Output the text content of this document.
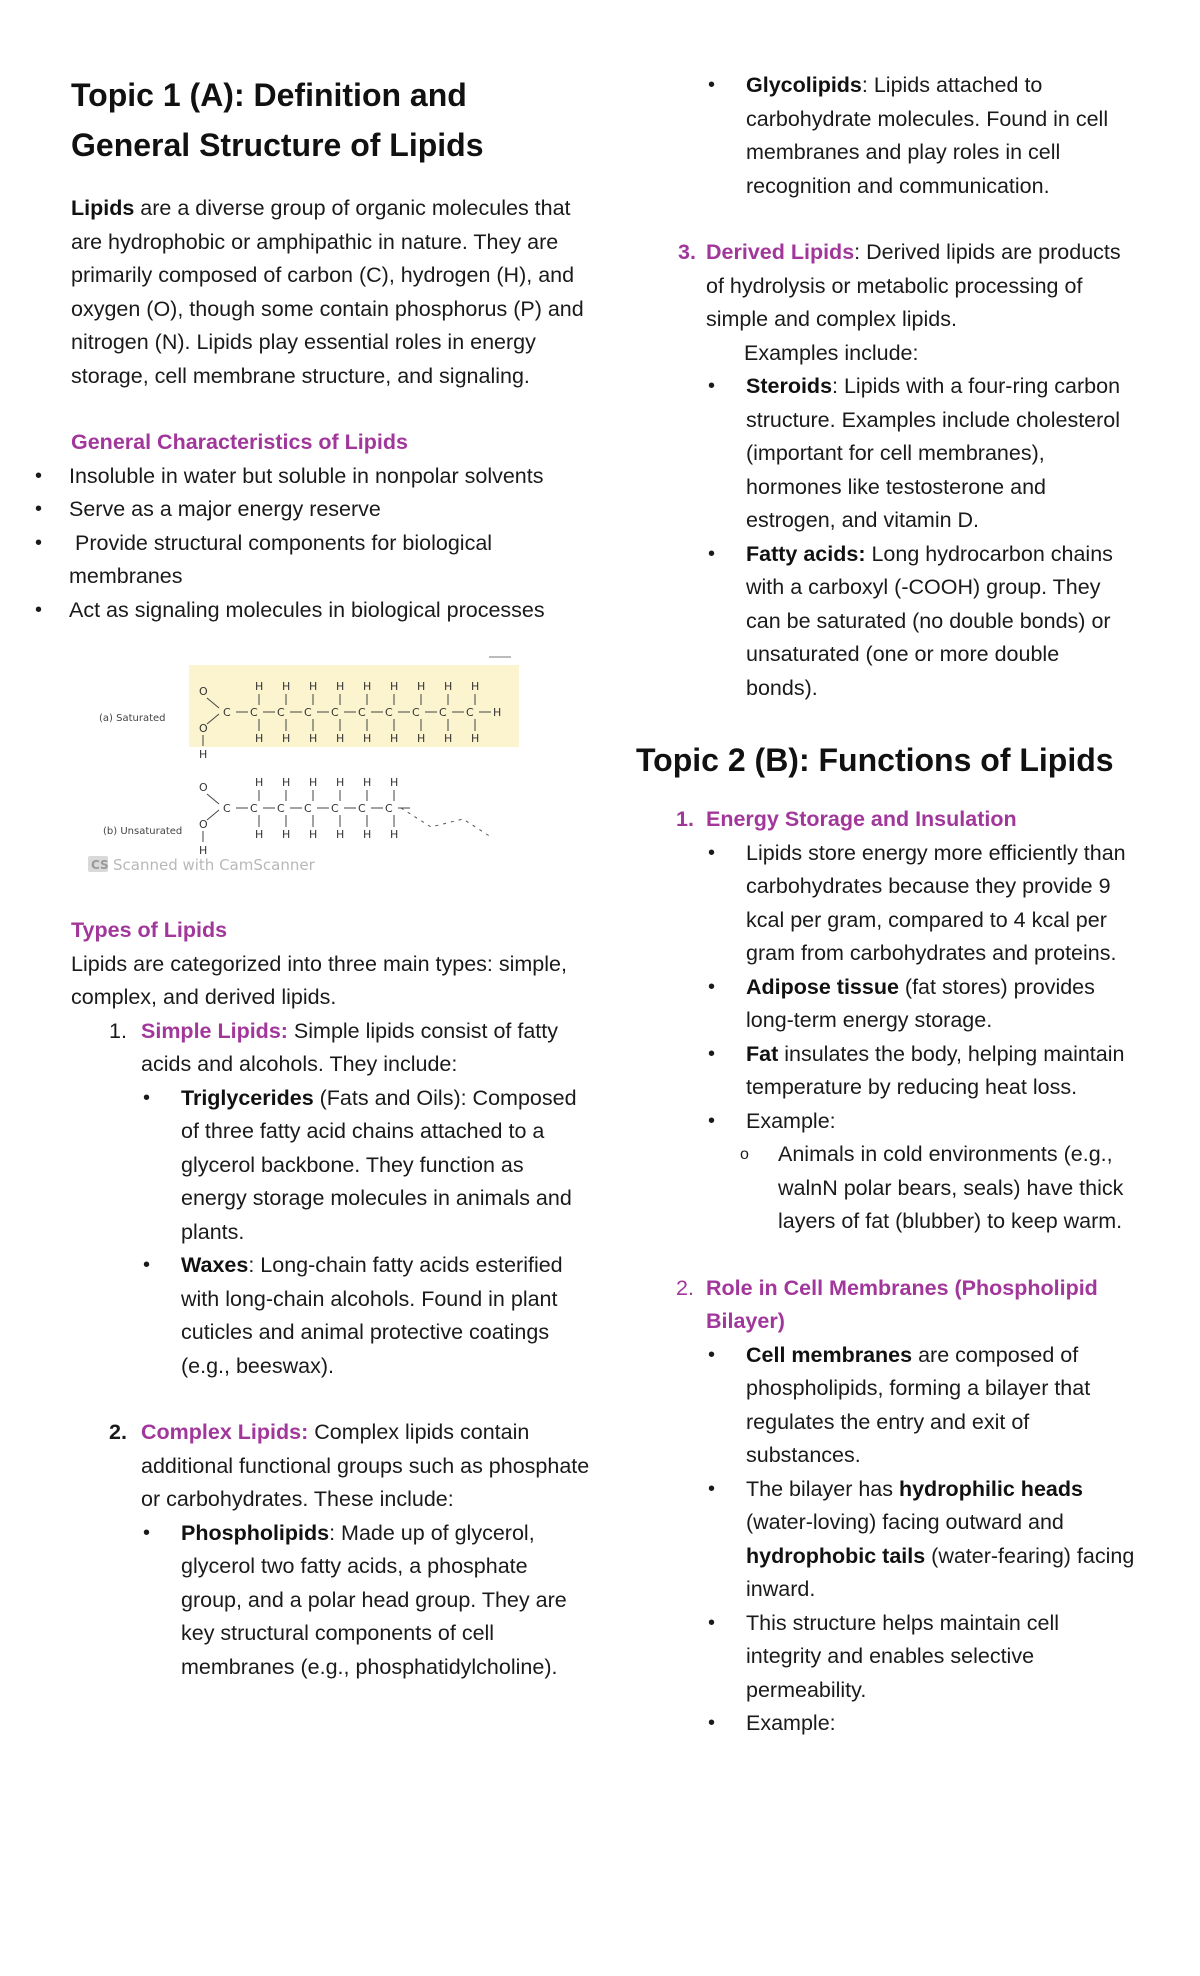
Topic 1 (A): Definition and General Structure of Lipids

Lipids are a diverse group of organic molecules that are hydrophobic or amphipathic in nature. They are primarily composed of carbon (C), hydrogen (H), and oxygen (O), though some contain phosphorus (P) and nitrogen (N). Lipids play essential roles in energy storage, cell membrane structure, and signaling.

General Characteristics of Lipids
• Insoluble in water but soluble in nonpolar solvents
• Serve as a major energy reserve
•  Provide structural components for biological membranes
• Act as signaling molecules in biological processes
(a) Saturated
(b) Unsaturated
O
O
H
C C
H
H
C
H
H
C
H
H
C
H
H
C
H
H
C
H
H
C
H
H
C
H
H
C
H
H
H
O
O
H
C C
H
H
C
H
H
C
H
H
C
H
H
C
H
H
C
H
H
CS Scanned with CamScanner
Types of Lipids

Lipids are categorized into three main types: simple, complex, and derived lipids.

1. Simple Lipids: Simple lipids consist of fatty acids and alcohols. They include:
• Triglycerides (Fats and Oils): Composed of three fatty acid chains attached to a glycerol backbone. They function as energy storage molecules in animals and plants.
• Waxes: Long-chain fatty acids esterified with long-chain alcohols. Found in plant cuticles and animal protective coatings (e.g., beeswax).
2. Complex Lipids: Complex lipids contain additional functional groups such as phosphate or carbohydrates. These include:
• Phospholipids: Made up of glycerol, glycerol two fatty acids, a phosphate group, and a polar head group. They are key structural components of cell membranes (e.g., phosphatidylcholine).
• Glycolipids: Lipids attached to carbohydrate molecules. Found in cell membranes and play roles in cell recognition and communication.
3. Derived Lipids: Derived lipids are products of hydrolysis or metabolic processing of simple and complex lipids.
Examples include:
• Steroids: Lipids with a four-ring carbon structure. Examples include cholesterol (important for cell membranes), hormones like testosterone and estrogen, and vitamin D.
• Fatty acids: Long hydrocarbon chains with a carboxyl (-COOH) group. They can be saturated (no double bonds) or unsaturated (one or more double bonds).
Topic 2 (B): Functions of Lipids
1. Energy Storage and Insulation
• Lipids store energy more efficiently than carbohydrates because they provide 9 kcal per gram, compared to 4 kcal per gram from carbohydrates and proteins.
• Adipose tissue (fat stores) provides long-term energy storage.
• Fat insulates the body, helping maintain temperature by reducing heat loss.
• Example:
o Animals in cold environments (e.g., walnN polar bears, seals) have thick layers of fat (blubber) to keep warm.
2. Role in Cell Membranes (Phospholipid Bilayer)
• Cell membranes are composed of phospholipids, forming a bilayer that regulates the entry and exit of substances.
• The bilayer has hydrophilic heads (water-loving) facing outward and hydrophobic tails (water-fearing) facing inward.
• This structure helps maintain cell integrity and enables selective permeability.
• Example:
